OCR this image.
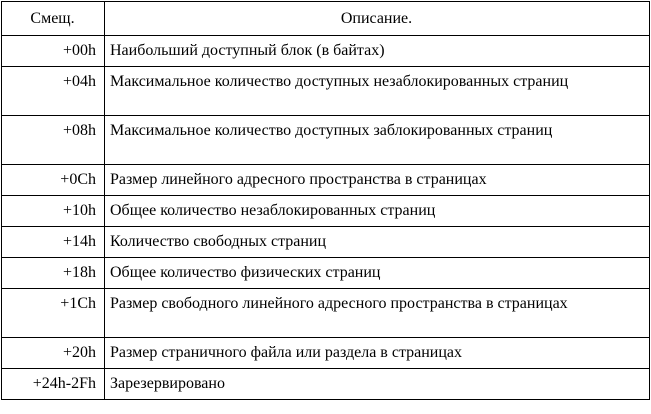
Смещ.	Описание.
+00h	Наибольший доступный блок (в байтах)
+04h	Максимальное количество доступных незаблокированных страниц
+08h	Максимальное количество доступных заблокированных страниц
+0Ch	Размер линейного адресного пространства в страницах
+10h	Общее количество незаблокированных страниц
+14h	Количество свободных страниц
+18h	Общее количество физических страниц
+1Ch	Размер свободного линейного адресного пространства в страницах
+20h	Размер страничного файла или раздела в страницах
+24h-2Fh	Зарезервировано
